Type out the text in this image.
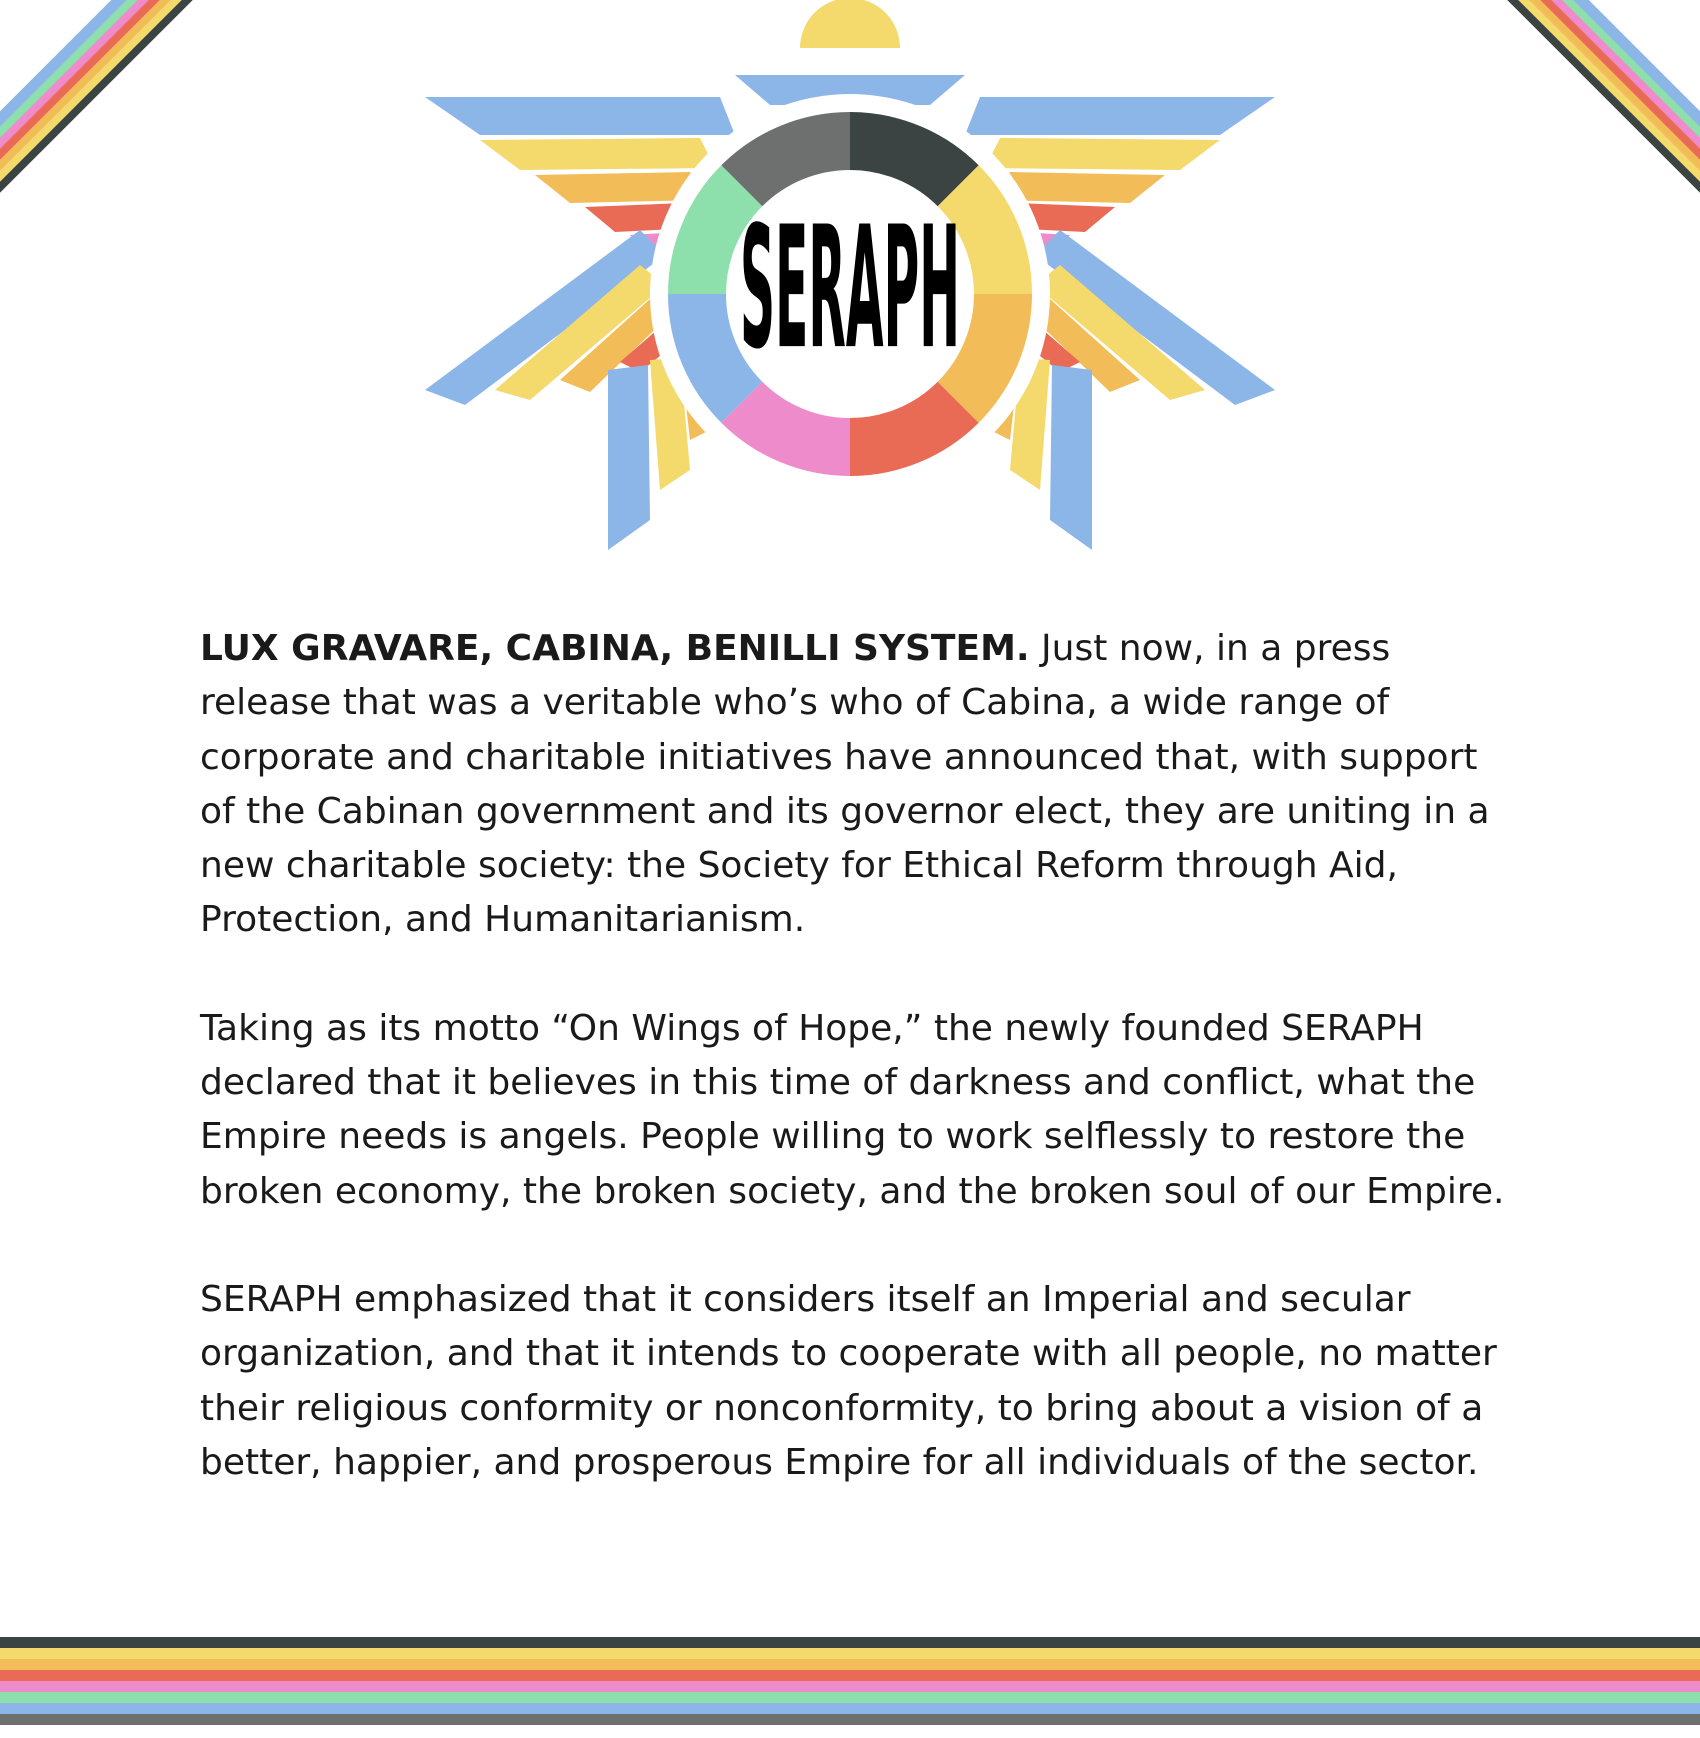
SERAPH

LUX GRAVARE, CABINA, BENILLI SYSTEM. Just now, in a press release that was a veritable who’s who of Cabina, a wide range of corporate and charitable initiatives have announced that, with support of the Cabinan government and its governor elect, they are uniting in a new charitable society: the Society for Ethical Reform through Aid, Protection, and Humanitarianism.

Taking as its motto “On Wings of Hope,” the newly founded SERAPH declared that it believes in this time of darkness and conflict, what the Empire needs is angels. People willing to work selflessly to restore the broken economy, the broken society, and the broken soul of our Empire.

SERAPH emphasized that it considers itself an Imperial and secular organization, and that it intends to cooperate with all people, no matter their religious conformity or nonconformity, to bring about a vision of a better, happier, and prosperous Empire for all individuals of the sector.
